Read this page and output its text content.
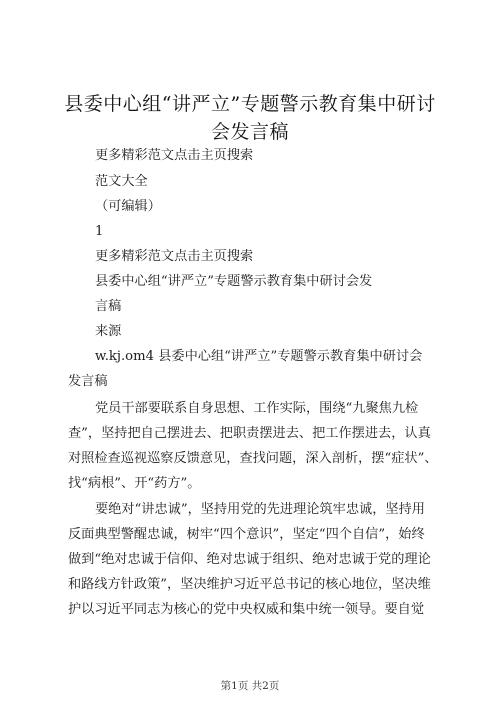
县委中心组“讲严立”专题警示教育集中研讨
会发言稿
更多精彩范文点击主页搜索
范文大全
（可编辑）
1
更多精彩范文点击主页搜索
县委中心组“讲严立”专题警示教育集中研讨会发
言稿
来源
w.kj.om4 县委中心组“讲严立”专题警示教育集中研讨会
发言稿
党员干部要联系自身思想、工作实际，围绕“九聚焦九检
查”，坚持把自己摆进去、把职责摆进去、把工作摆进去，认真
对照检查巡视巡察反馈意见，查找问题，深入剖析，摆“症状”、
找“病根”、开“药方”。
要绝对“讲忠诚”，坚持用党的先进理论筑牢忠诚，坚持用
反面典型警醒忠诚，树牢“四个意识”，坚定“四个自信”，始终
做到“绝对忠诚于信仰、绝对忠诚于组织、绝对忠诚于党的理论
和路线方针政策”，坚决维护习近平总书记的核心地位，坚决维
护以习近平同志为核心的党中央权威和集中统一领导。要自觉
第1页 共2页
